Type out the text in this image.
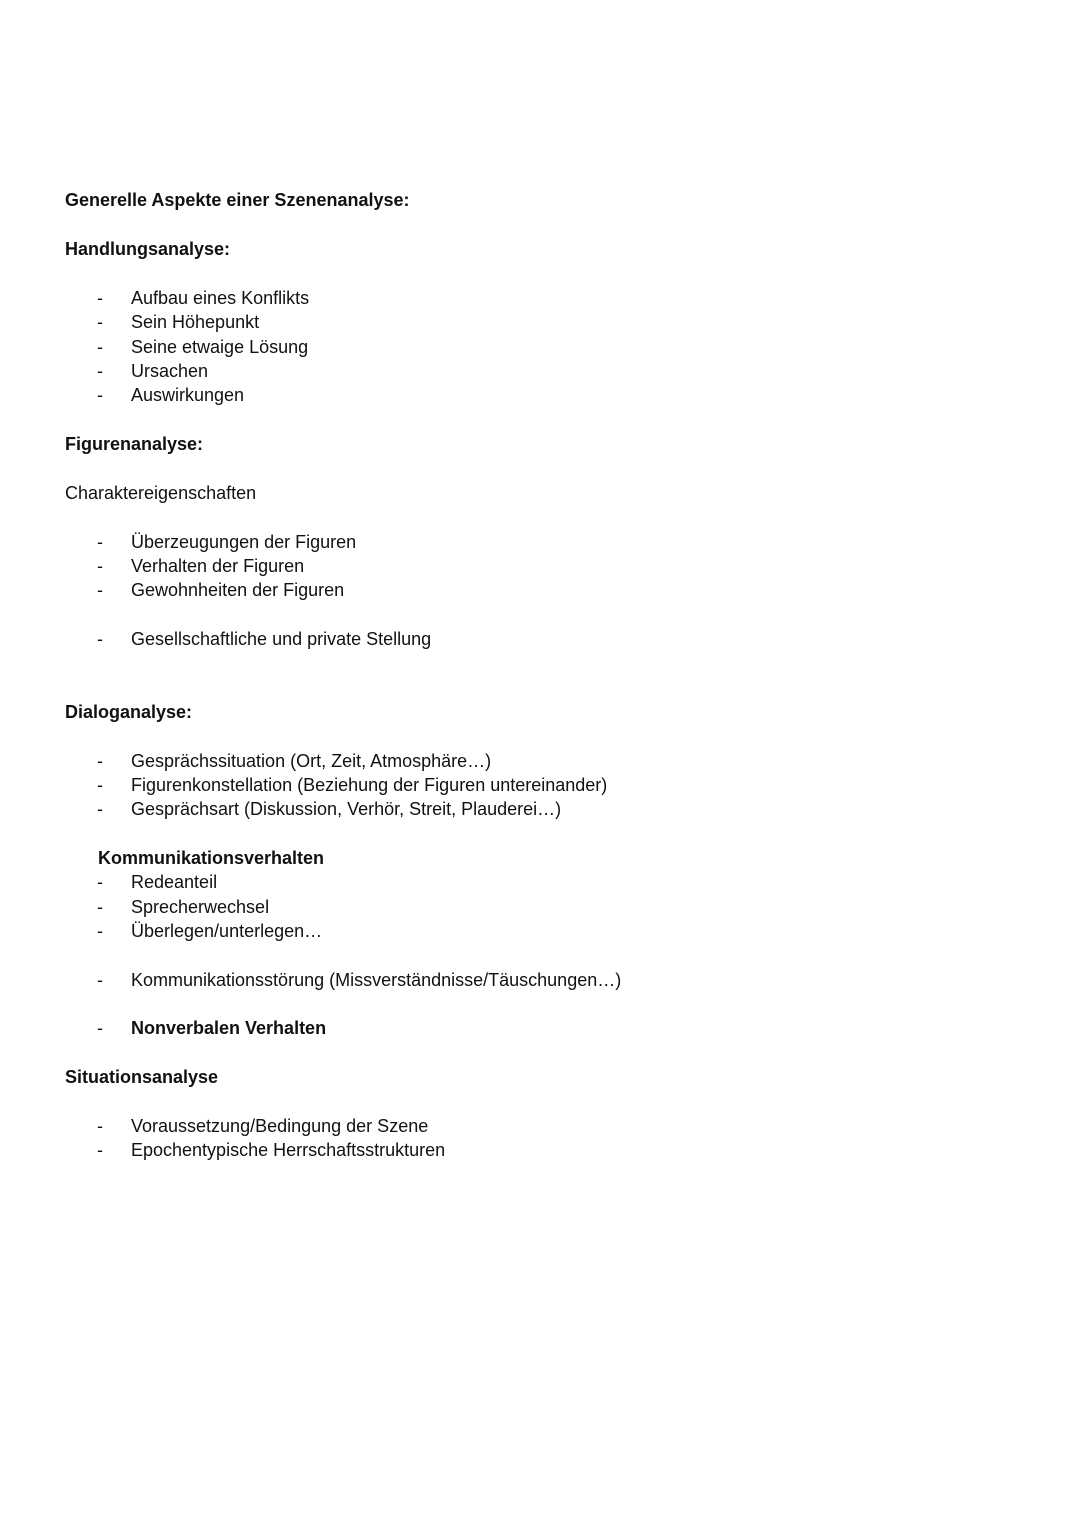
Generelle Aspekte einer Szenenanalyse:
Handlungsanalyse:
- Aufbau eines Konflikts
- Sein Höhepunkt
- Seine etwaige Lösung
- Ursachen
- Auswirkungen
Figurenanalyse:
Charaktereigenschaften
- Überzeugungen der Figuren
- Verhalten der Figuren
- Gewohnheiten der Figuren
- Gesellschaftliche und private Stellung
Dialoganalyse:
- Gesprächssituation (Ort, Zeit, Atmosphäre…)
- Figurenkonstellation (Beziehung der Figuren untereinander)
- Gesprächsart (Diskussion, Verhör, Streit, Plauderei…)
Kommunikationsverhalten
- Redeanteil
- Sprecherwechsel
- Überlegen/unterlegen…
- Kommunikationsstörung (Missverständnisse/Täuschungen…)
- Nonverbalen Verhalten
Situationsanalyse
- Voraussetzung/Bedingung der Szene
- Epochentypische Herrschaftsstrukturen
